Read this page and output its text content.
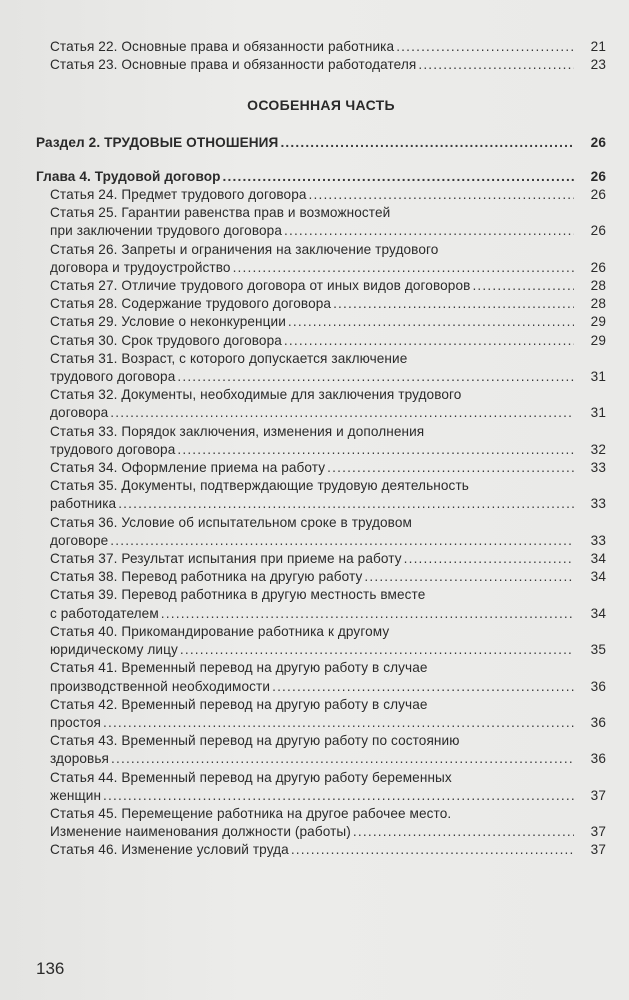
Статья 22. Основные права и обязанности работника .....	21
Статья 23. Основные права и обязанности работодателя .....	23
ОСОБЕННАЯ ЧАСТЬ
Раздел 2. ТРУДОВЫЕ ОТНОШЕНИЯ .....	26
Глава 4. Трудовой договор .....	26
Статья 24. Предмет трудового договора .....	26
Статья 25. Гарантии равенства прав и возможностей
при заключении трудового договора .....	26
Статья 26. Запреты и ограничения на заключение трудового
договора и трудоустройство .....	26
Статья 27. Отличие трудового договора от иных видов договоров .....	28
Статья 28. Содержание трудового договора .....	28
Статья 29. Условие о неконкуренции .....	29
Статья 30. Срок трудового договора .....	29
Статья 31. Возраст, с которого допускается заключение
трудового договора .....	31
Статья 32. Документы, необходимые для заключения трудового
договора .....	31
Статья 33. Порядок заключения, изменения и дополнения
трудового договора .....	32
Статья 34. Оформление приема на работу .....	33
Статья 35. Документы, подтверждающие трудовую деятельность
работника .....	33
Статья 36. Условие об испытательном сроке в трудовом
договоре .....	33
Статья 37. Результат испытания при приеме на работу .....	34
Статья 38. Перевод работника на другую работу .....	34
Статья 39. Перевод работника в другую местность вместе
с работодателем .....	34
Статья 40. Прикомандирование работника к другому
юридическому лицу .....	35
Статья 41. Временный перевод на другую работу в случае
производственной необходимости .....	36
Статья 42. Временный перевод на другую работу в случае
простоя .....	36
Статья 43. Временный перевод на другую работу по состоянию
здоровья .....	36
Статья 44. Временный перевод на другую работу беременных
женщин .....	37
Статья 45. Перемещение работника на другое рабочее место.
Изменение наименования должности (работы) .....	37
Статья 46. Изменение условий труда .....	37
136
